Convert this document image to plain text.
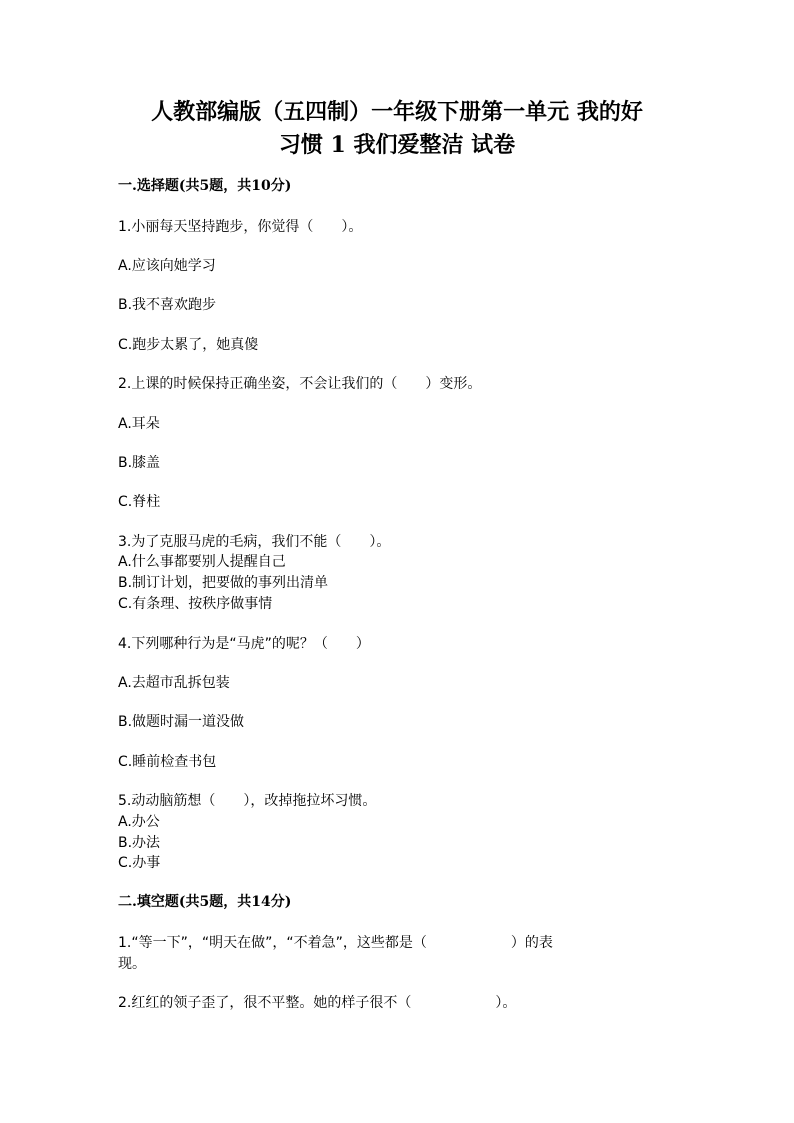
人教部编版（五四制）一年级下册第一单元 我的好
习惯 1 我们爱整洁 试卷

一.选择题(共5题，共10分)

1.小丽每天坚持跑步，你觉得（　　）。

A.应该向她学习

B.我不喜欢跑步

C.跑步太累了，她真傻

2.上课的时候保持正确坐姿，不会让我们的（　　）变形。

A.耳朵

B.膝盖

C.脊柱

3.为了克服马虎的毛病，我们不能（　　）。

A.什么事都要别人提醒自己

B.制订计划，把要做的事列出清单

C.有条理、按秩序做事情

4.下列哪种行为是“马虎”的呢？（　　）

A.去超市乱拆包装

B.做题时漏一道没做

C.睡前检查书包

5.动动脑筋想（　　），改掉拖拉坏习惯。

A.办公

B.办法

C.办事

二.填空题(共5题，共14分)

1.“等一下”，“明天在做”，“不着急”，这些都是（　　　　　　）的表

现。

2.红红的领子歪了，很不平整。她的样子很不（　　　　　　）。
